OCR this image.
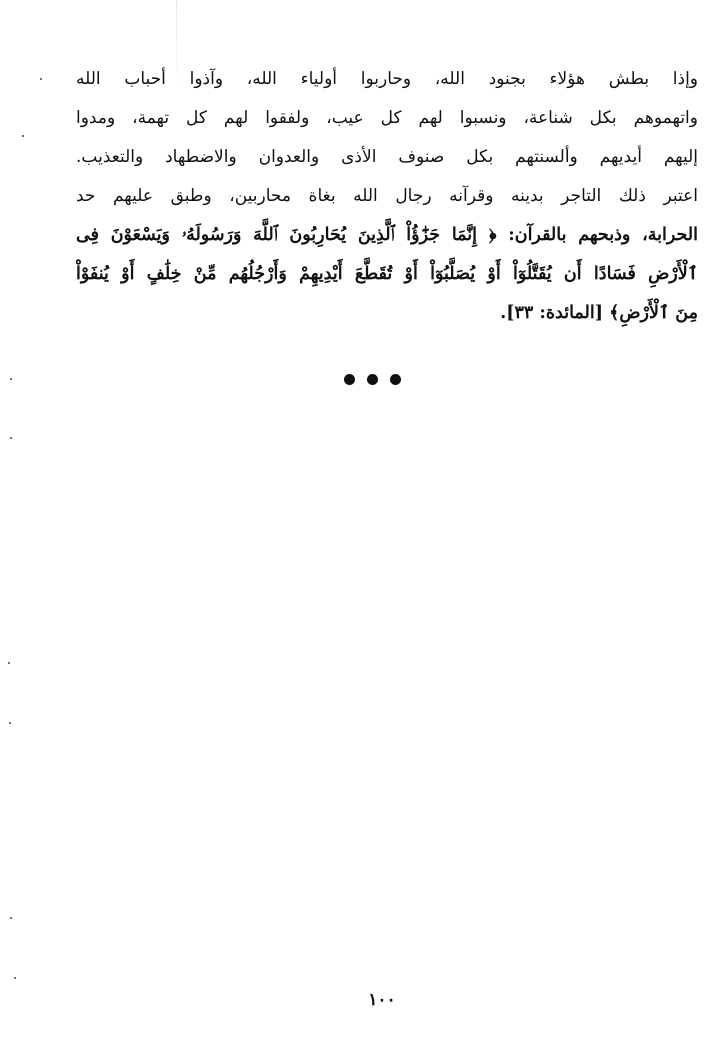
وإذا بطش هؤلاء بجنود الله، وحاربوا أولياء الله، وآذوا أحباب الله
واتهموهم بكل شناعة، ونسبوا لهم كل عيب، ولفقوا لهم كل تهمة، ومدوا
إليهم أيديهم وألسنتهم بكل صنوف الأذى والعدوان والاضطهاد والتعذيب.
اعتبر ذلك التاجر بدينه وقرآنه رجال الله بغاة محاربين، وطبق عليهم حد
الحرابة، وذبحهم بالقرآن: ﴿ إِنَّمَا جَزَٰٓؤُاْ ٱلَّذِينَ يُحَارِبُونَ ٱللَّهَ وَرَسُولَهُۥ وَيَسْعَوْنَ فِى
ٱلْأَرْضِ فَسَادًا أَن يُقَتَّلُوٓاْ أَوْ يُصَلَّبُوٓاْ أَوْ تُقَطَّعَ أَيْدِيهِمْ وَأَرْجُلُهُم مِّنْ خِلَٰفٍ أَوْ يُنفَوْاْ
مِنَ ٱلْأَرْضِ﴾ [المائدة: ٣٣].
١٠٠
